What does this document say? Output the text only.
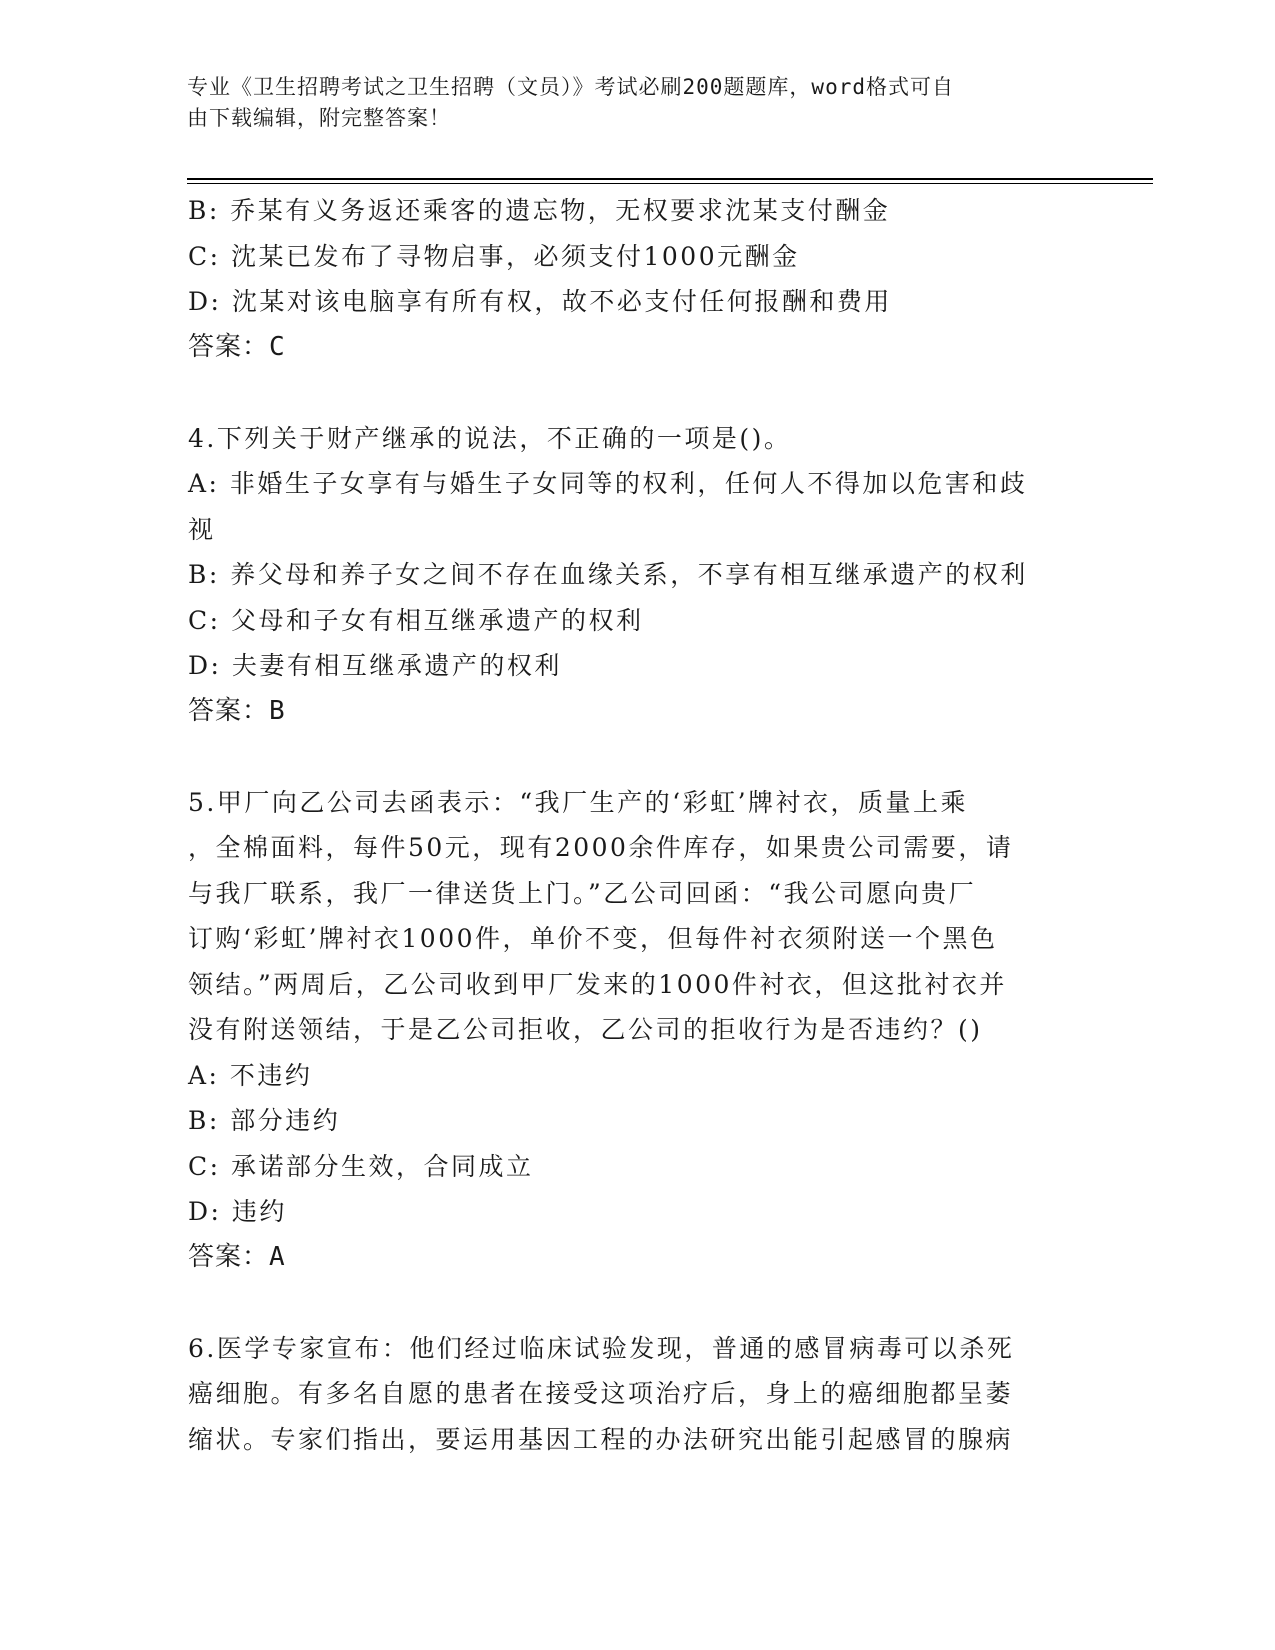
专业《卫生招聘考试之卫生招聘（文员）》考试必刷200题题库，word格式可自
由下载编辑，附完整答案！
B: 乔某有义务返还乘客的遗忘物，无权要求沈某支付酬金
C: 沈某已发布了寻物启事，必须支付1000元酬金
D: 沈某对该电脑享有所有权，故不必支付任何报酬和费用
答案：C
4.下列关于财产继承的说法，不正确的一项是()。
A: 非婚生子女享有与婚生子女同等的权利，任何人不得加以危害和歧
视
B: 养父母和养子女之间不存在血缘关系，不享有相互继承遗产的权利
C: 父母和子女有相互继承遗产的权利
D: 夫妻有相互继承遗产的权利
答案：B
5.甲厂向乙公司去函表示：“我厂生产的‘彩虹’牌衬衣，质量上乘
，全棉面料，每件50元，现有2000余件库存，如果贵公司需要，请
与我厂联系，我厂一律送货上门。”乙公司回函：“我公司愿向贵厂
订购‘彩虹’牌衬衣1000件，单价不变，但每件衬衣须附送一个黑色
领结。”两周后，乙公司收到甲厂发来的1000件衬衣，但这批衬衣并
没有附送领结，于是乙公司拒收，乙公司的拒收行为是否违约？()
A: 不违约
B: 部分违约
C: 承诺部分生效，合同成立
D: 违约
答案：A
6.医学专家宣布：他们经过临床试验发现，普通的感冒病毒可以杀死
癌细胞。有多名自愿的患者在接受这项治疗后，身上的癌细胞都呈萎
缩状。专家们指出，要运用基因工程的办法研究出能引起感冒的腺病
